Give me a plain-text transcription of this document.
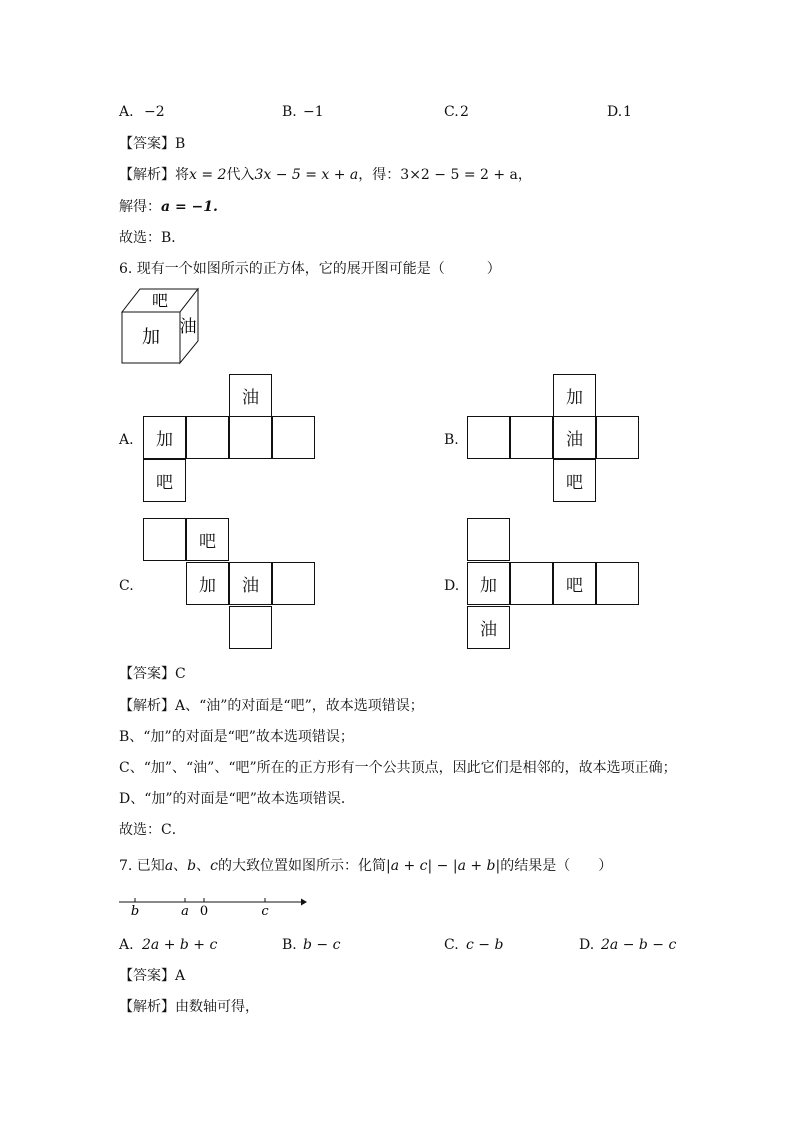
A. −2	B. −1	C. 2	D. 1
【答案】B
【解析】将x = 2代入3x − 5 = x + a，得：3×2 − 5 = 2 + a，
解得：a = −1.
故选：B．
6. 现有一个如图所示的正方体，它的展开图可能是（　　　）
吧
加 油
A.
油
加
吧
B.
加
油
吧
C.
吧
加	油	D.	加	吧
油
【答案】C
【解析】A、“油”的对面是“吧”，故本选项错误；
B、“加”的对面是“吧”故本选项错误；
C、“加”、“油”、“吧”所在的正方形有一个公共顶点，因此它们是相邻的，故本选项正确；
D、“加”的对面是“吧”故本选项错误．
故选：C．
7. 已知a、b、c的大致位置如图所示：化简|a + c| − |a + b|的结果是（　　）
b	a 0	c
A. 2a + b + c	B. b − c	C. c − b	D. 2a − b − c
【答案】A
【解析】由数轴可得，
